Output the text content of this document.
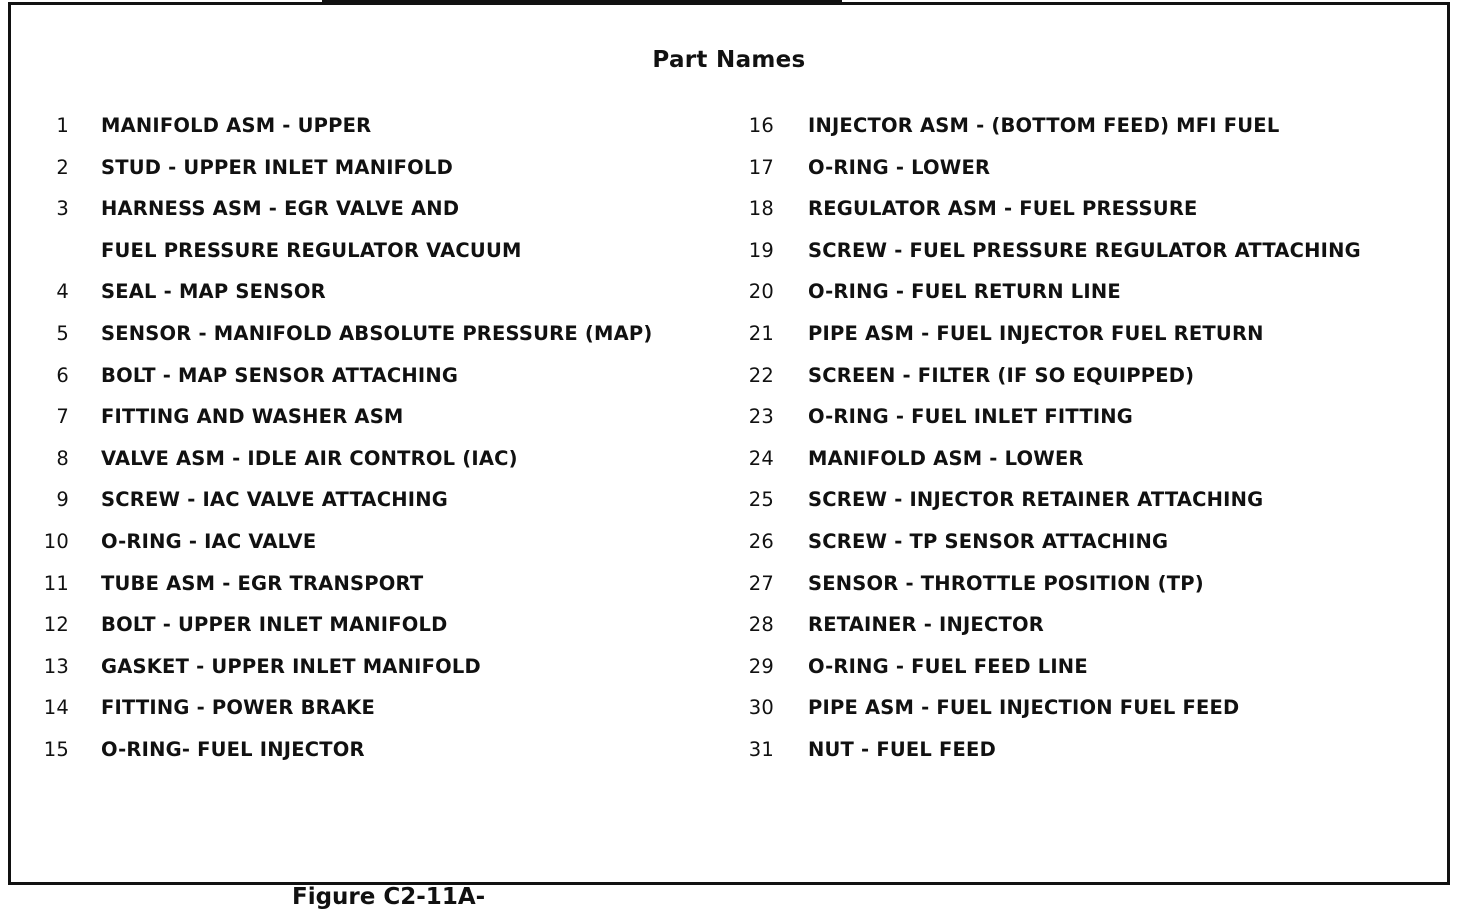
Part Names
1 MANIFOLD ASM - UPPER
2 STUD - UPPER INLET MANIFOLD
3 HARNESS ASM - EGR VALVE AND
FUEL PRESSURE REGULATOR VACUUM
4 SEAL - MAP SENSOR
5 SENSOR - MANIFOLD ABSOLUTE PRESSURE (MAP)
6 BOLT - MAP SENSOR ATTACHING
7 FITTING AND WASHER ASM
8 VALVE ASM - IDLE AIR CONTROL (IAC)
9 SCREW - IAC VALVE ATTACHING
10 O-RING - IAC VALVE
11 TUBE ASM - EGR TRANSPORT
12 BOLT - UPPER INLET MANIFOLD
13 GASKET - UPPER INLET MANIFOLD
14 FITTING - POWER BRAKE
15 O-RING- FUEL INJECTOR
16 INJECTOR ASM - (BOTTOM FEED) MFI FUEL
17 O-RING - LOWER
18 REGULATOR ASM - FUEL PRESSURE
19 SCREW - FUEL PRESSURE REGULATOR ATTACHING
20 O-RING - FUEL RETURN LINE
21 PIPE ASM - FUEL INJECTOR FUEL RETURN
22 SCREEN - FILTER (IF SO EQUIPPED)
23 O-RING - FUEL INLET FITTING
24 MANIFOLD ASM - LOWER
25 SCREW - INJECTOR RETAINER ATTACHING
26 SCREW - TP SENSOR ATTACHING
27 SENSOR - THROTTLE POSITION (TP)
28 RETAINER - INJECTOR
29 O-RING - FUEL FEED LINE
30 PIPE ASM - FUEL INJECTION FUEL FEED
31 NUT - FUEL FEED
Figure C2-11A-
